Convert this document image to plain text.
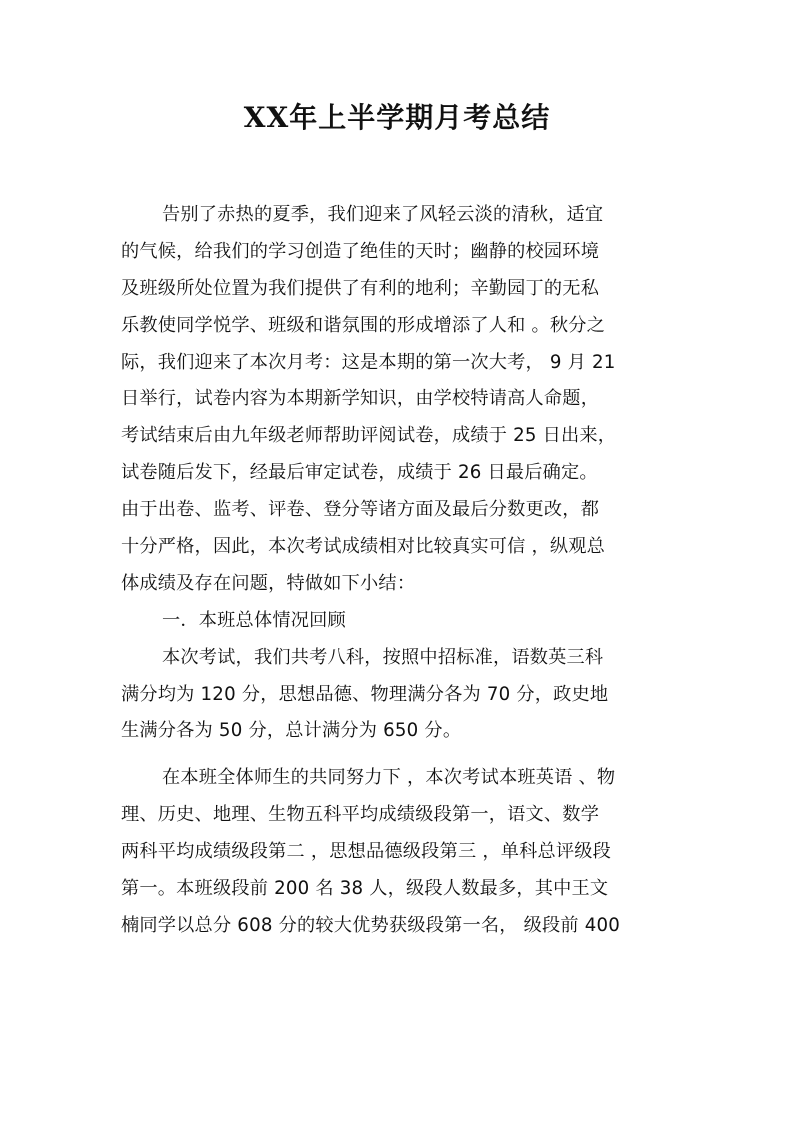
XX年上半学期月考总结
告别了赤热的夏季，我们迎来了风轻云淡的清秋，适宜
的气候，给我们的学习创造了绝佳的天时；幽静的校园环境
及班级所处位置为我们提供了有利的地利；辛勤园丁的无私
乐教使同学悦学、班级和谐氛围的形成增添了人和 。秋分之
际，我们迎来了本次月考：这是本期的第一次大考， 9 月 21
日举行，试卷内容为本期新学知识，由学校特请高人命题，
考试结束后由九年级老师帮助评阅试卷，成绩于 25 日出来，
试卷随后发下，经最后审定试卷，成绩于 26 日最后确定。
由于出卷、监考、评卷、登分等诸方面及最后分数更改，都
十分严格，因此，本次考试成绩相对比较真实可信 ，纵观总
体成绩及存在问题，特做如下小结：
一．本班总体情况回顾
本次考试，我们共考八科，按照中招标准，语数英三科
满分均为 120 分，思想品德、物理满分各为 70 分，政史地
生满分各为 50 分，总计满分为 650 分。
在本班全体师生的共同努力下 ，本次考试本班英语 、物
理、历史、地理、生物五科平均成绩级段第一，语文、数学
两科平均成绩级段第二 ，思想品德级段第三 ，单科总评级段
第一。本班级段前 200 名 38 人，级段人数最多，其中王文
楠同学以总分 608 分的较大优势获级段第一名， 级段前 400
